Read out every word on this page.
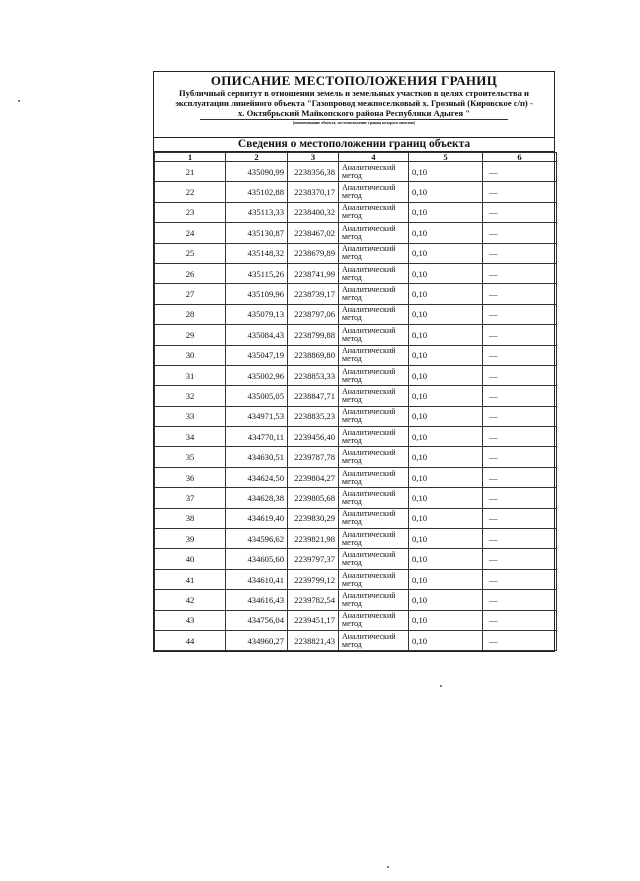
ОПИСАНИЕ МЕСТОПОЛОЖЕНИЯ ГРАНИЦ
Публичный сервитут в отношении земель и земельных участков в целях строительства и
эксплуатации линейного объекта "Газопровод межпоселковый х. Грозный (Кировское с/п) -
х. Октябрьский Майкопского района Республики Адыгея "
(наименование объекта, местоположение границ которого описано)
Сведения о местоположении границ объекта
1	2	3	4	5	6
21	435090,99	2238356,38	Аналитический метод	0,10	—
22	435102,88	2238370,17	Аналитический метод	0,10	—
23	435113,33	2238400,32	Аналитический метод	0,10	—
24	435130,87	2238467,02	Аналитический метод	0,10	—
25	435148,32	2238679,89	Аналитический метод	0,10	—
26	435115,26	2238741,99	Аналитический метод	0,10	—
27	435109,96	2238739,17	Аналитический метод	0,10	—
28	435079,13	2238797,06	Аналитический метод	0,10	—
29	435084,43	2238799,88	Аналитический метод	0,10	—
30	435047,19	2238869,80	Аналитический метод	0,10	—
31	435002,96	2238853,33	Аналитический метод	0,10	—
32	435005,05	2238847,71	Аналитический метод	0,10	—
33	434971,53	2238835,23	Аналитический метод	0,10	—
34	434770,11	2239456,40	Аналитический метод	0,10	—
35	434630,51	2239787,78	Аналитический метод	0,10	—
36	434624,50	2239804,27	Аналитический метод	0,10	—
37	434628,38	2239805,68	Аналитический метод	0,10	—
38	434619,40	2239830,29	Аналитический метод	0,10	—
39	434596,62	2239821,98	Аналитический метод	0,10	—
40	434605,60	2239797,37	Аналитический метод	0,10	—
41	434610,41	2239799,12	Аналитический метод	0,10	—
42	434616,43	2239782,54	Аналитический метод	0,10	—
43	434756,04	2239451,17	Аналитический метод	0,10	—
44	434960,27	2238821,43	Аналитический метод	0,10	—
